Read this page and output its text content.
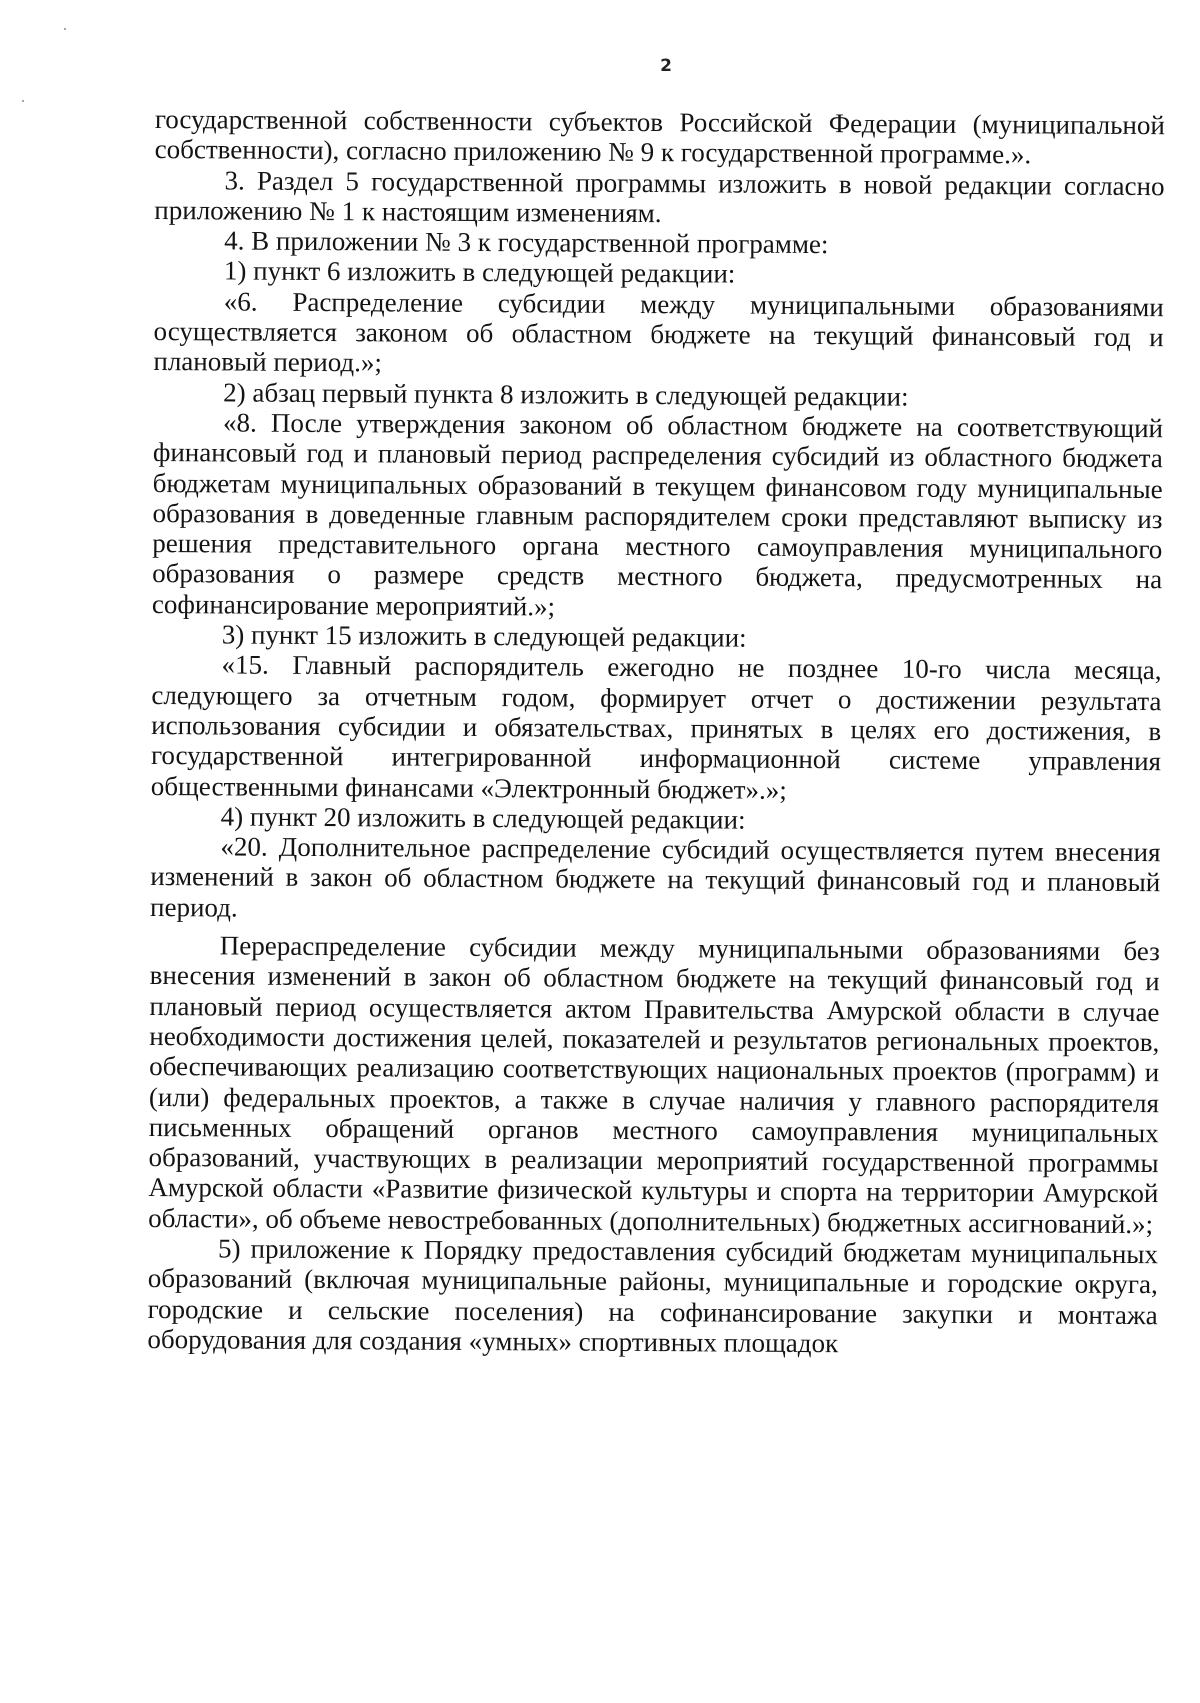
2

государственной собственности субъектов Российской Федерации (муниципальной собственности), согласно приложению № 9 к государственной программе.».

3. Раздел 5 государственной программы изложить в новой редакции согласно приложению № 1 к настоящим изменениям.

4. В приложении № 3 к государственной программе:

1) пункт 6 изложить в следующей редакции:

«6. Распределение субсидии между муниципальными образованиями осуществляется законом об областном бюджете на текущий финансовый год и плановый период.»;

2) абзац первый пункта 8 изложить в следующей редакции:

«8. После утверждения законом об областном бюджете на соответствующий финансовый год и плановый период распределения субсидий из областного бюджета бюджетам муниципальных образований в текущем финансовом году муниципальные образования в доведенные главным распорядителем сроки представляют выписку из решения представительного органа местного самоуправления муниципального образования о размере средств местного бюджета, предусмотренных на софинансирование мероприятий.»;

3) пункт 15 изложить в следующей редакции:

«15. Главный распорядитель ежегодно не позднее 10-го числа месяца, следующего за отчетным годом, формирует отчет о достижении результата использования субсидии и обязательствах, принятых в целях его достижения, в государственной интегрированной информационной системе управления общественными финансами «Электронный бюджет».»;

4) пункт 20 изложить в следующей редакции:

«20. Дополнительное распределение субсидий осуществляется путем внесения изменений в закон об областном бюджете на текущий финансовый год и плановый период.

Перераспределение субсидии между муниципальными образованиями без внесения изменений в закон об областном бюджете на текущий финансовый год и плановый период осуществляется актом Правительства Амурской области в случае необходимости достижения целей, показателей и результатов региональных проектов, обеспечивающих реализацию соответствующих национальных проектов (программ) и (или) федеральных проектов, а также в случае наличия у главного распорядителя письменных обращений органов местного самоуправления муниципальных образований, участвующих в реализации мероприятий государственной программы Амурской области «Развитие физической культуры и спорта на территории Амурской области», об объеме невостребованных (дополнительных) бюджетных ассигнований.»;

5) приложение к Порядку предоставления субсидий бюджетам муниципальных образований (включая муниципальные районы, муниципальные и городские округа, городские и сельские поселения) на софинансирование закупки и монтажа оборудования для создания «умных» спортивных площадок
